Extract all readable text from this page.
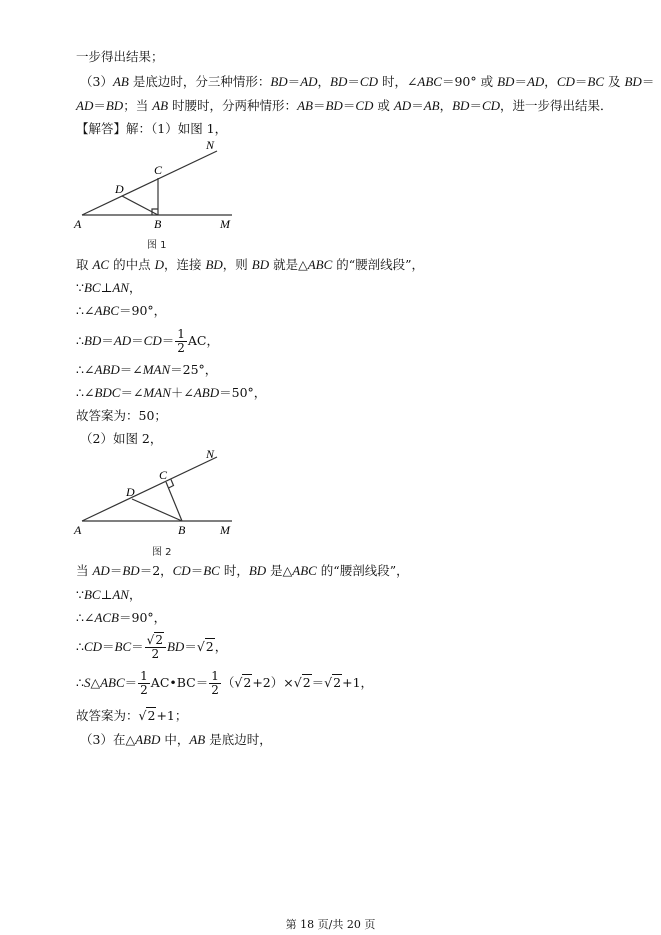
一步得出结果；
（3）AB 是底边时，分三种情形：BD＝AD，BD＝CD 时，∠ABC＝90° 或 BD＝AD，CD＝BC 及 BD＝
AD＝BD；当 AB 时腰时，分两种情形：AB＝BD＝CD 或 AD＝AB，BD＝CD，进一步得出结果．
【解答】解：（1）如图 1，
A	B
C
D
M
N
图 1
取 AC 的中点 D，连接 BD，则 BD 就是△ABC 的“腰剖线段”，
∵BC⊥AN，
∴∠ABC＝90°，
∴BD＝AD＝CD＝ $\frac{1}{2}$ AC，
∴∠ABD＝∠MAN＝25°，
∴∠BDC＝∠MAN＋∠ABD＝50°，
故答案为：50；
（2）如图 2，
A	B
C
D
M
N
图 2
当 AD＝BD＝2，CD＝BC 时，BD 是△ABC 的“腰剖线段”，
∵BC⊥AN，
∴∠ACB＝90°，
∴CD＝BC＝ $\frac{√2}{2} BD=√2$，
∴S△ABC＝ $\frac{1}{2}$ AC•BC＝ $\frac{1}{2} (√2+2)\times√2=√2+1$，
故答案为：√2+1；
（3）在△ABD 中，AB 是底边时，
第 18 页/共 20 页
